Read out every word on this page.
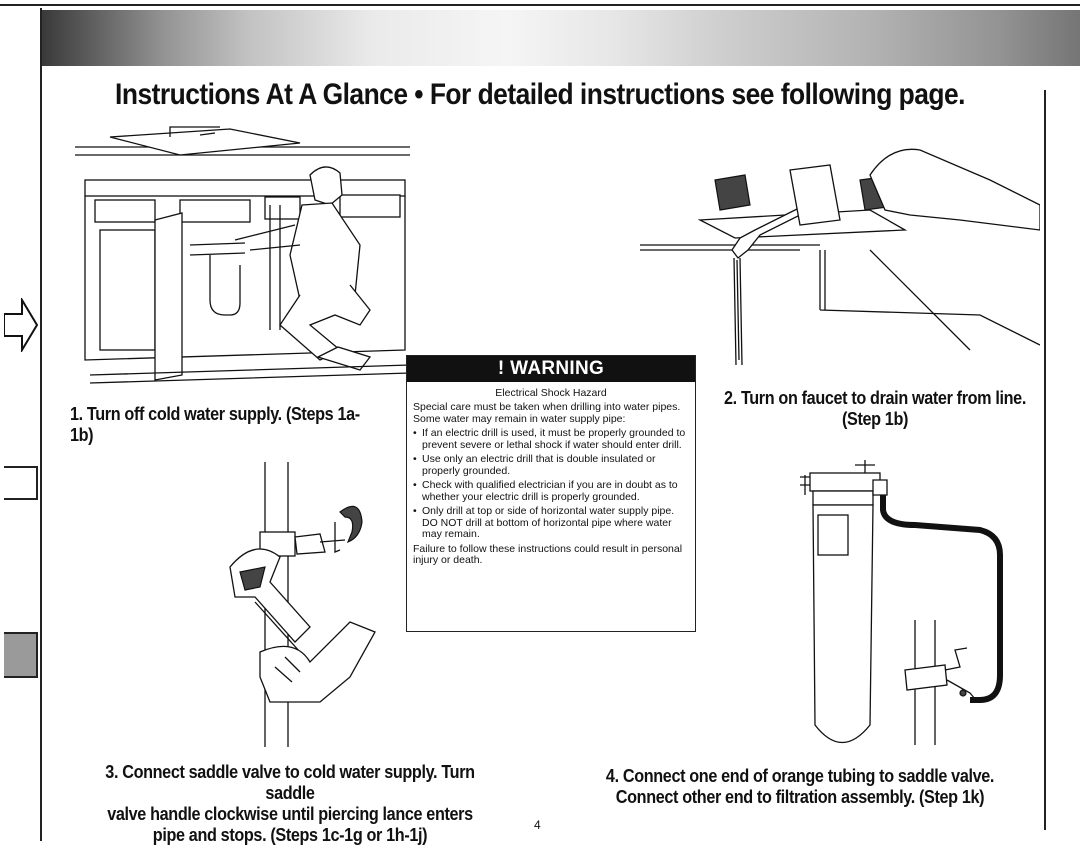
Instructions At A Glance • For detailed instructions see following page.
1. Turn off cold water supply. (Steps 1a-1b)
2. Turn on faucet to drain water from line.
(Step 1b)
! WARNING
Electrical Shock Hazard
Special care must be taken when drilling into water pipes. Some water may remain in water supply pipe:
• If an electric drill is used, it must be properly grounded to prevent severe or lethal shock if water should enter drill.
• Use only an electric drill that is double insulated or properly grounded.
• Check with qualified electrician if you are in doubt as to whether your electric drill is properly grounded.
• Only drill at top or side of horizontal water supply pipe. DO NOT drill at bottom of horizontal pipe where water may remain.
Failure to follow these instructions could result in personal injury or death.
3. Connect saddle valve to cold water supply. Turn saddle
valve handle clockwise until piercing lance enters
pipe and stops. (Steps 1c-1g or 1h-1j)
4. Connect one end of orange tubing to saddle valve.
Connect other end to filtration assembly. (Step 1k)
4
